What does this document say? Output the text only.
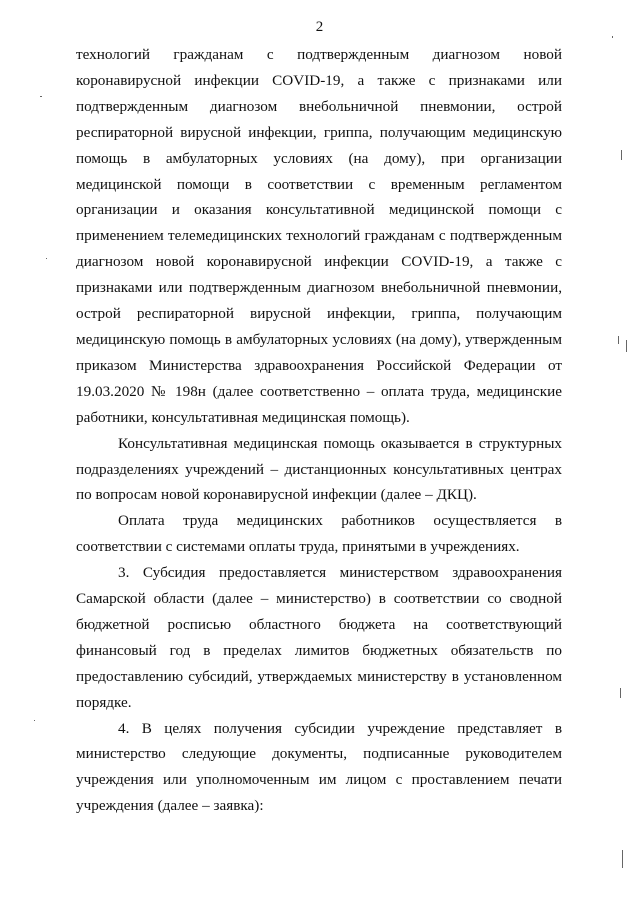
2

технологий гражданам с подтвержденным диагнозом новой коронавирусной инфекции COVID-19, а также с признаками или подтвержденным диагнозом внебольничной пневмонии, острой респираторной вирусной инфекции, гриппа, получающим медицинскую помощь в амбулаторных условиях (на дому), при организации медицинской помощи в соответствии с временным регламентом организации и оказания консультативной медицинской помощи с применением телемедицинских технологий гражданам с подтвержденным диагнозом новой коронавирусной инфекции COVID-19, а также с признаками или подтвержденным диагнозом внебольничной пневмонии, острой респираторной вирусной инфекции, гриппа, получающим медицинскую помощь в амбулаторных условиях (на дому), утвержденным приказом Министерства здравоохранения Российской Федерации от 19.03.2020 № 198н (далее соответственно – оплата труда, медицинские работники, консультативная медицинская помощь).

Консультативная медицинская помощь оказывается в структурных подразделениях учреждений – дистанционных консультативных центрах по вопросам новой коронавирусной инфекции (далее – ДКЦ).

Оплата труда медицинских работников осуществляется в соответствии с системами оплаты труда, принятыми в учреждениях.

3. Субсидия предоставляется министерством здравоохранения Самарской области (далее – министерство) в соответствии со сводной бюджетной росписью областного бюджета на соответствующий финансовый год в пределах лимитов бюджетных обязательств по предоставлению субсидий, утверждаемых министерству в установленном порядке.

4. В целях получения субсидии учреждение представляет в министерство следующие документы, подписанные руководителем учреждения или уполномоченным им лицом с проставлением печати учреждения (далее – заявка):
